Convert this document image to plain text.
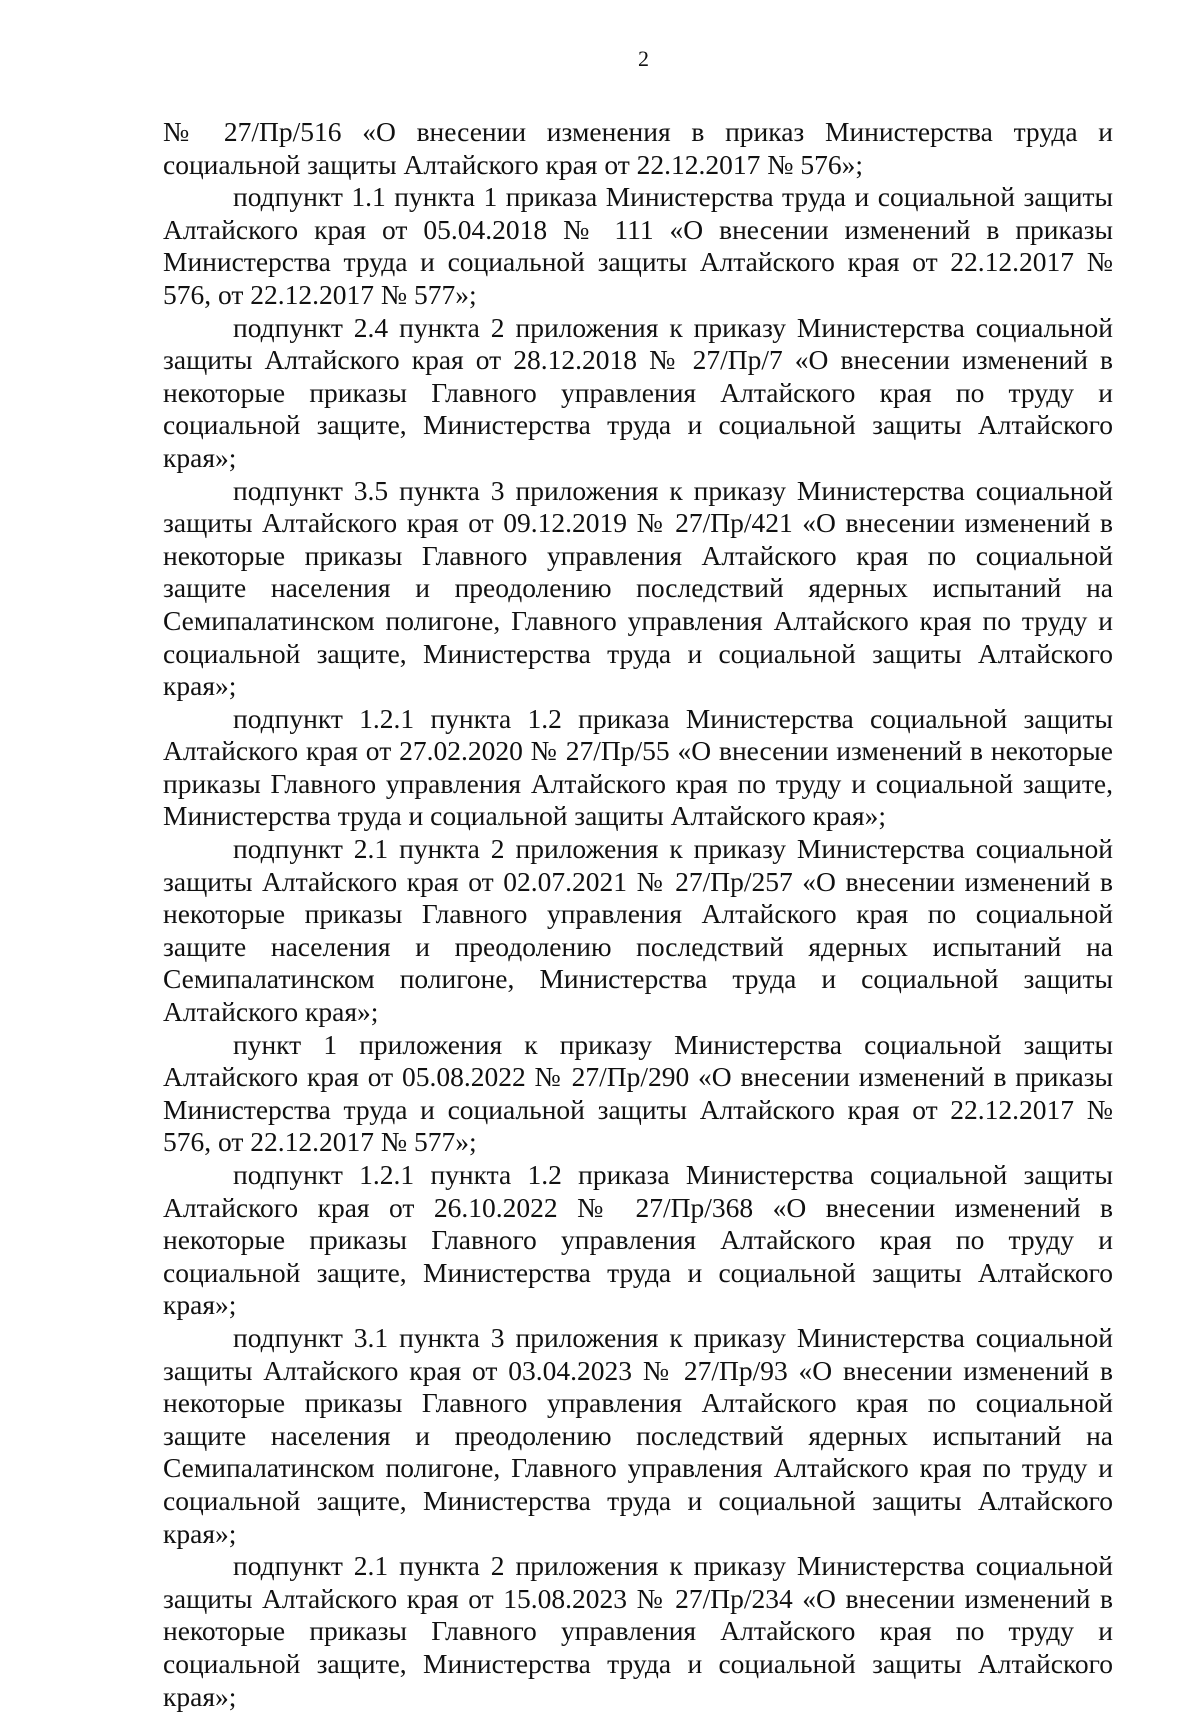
2

№ 27/Пр/516 «О внесении изменения в приказ Министерства труда и социальной защиты Алтайского края от 22.12.2017 № 576»;

подпункт 1.1 пункта 1 приказа Министерства труда и социальной защиты Алтайского края от 05.04.2018 № 111 «О внесении изменений в приказы Министерства труда и социальной защиты Алтайского края от 22.12.2017 № 576, от 22.12.2017 № 577»;

подпункт 2.4 пункта 2 приложения к приказу Министерства социальной защиты Алтайского края от 28.12.2018 № 27/Пр/7 «О внесении изменений в некоторые приказы Главного управления Алтайского края по труду и социальной защите, Министерства труда и социальной защиты Алтайского края»;

подпункт 3.5 пункта 3 приложения к приказу Министерства социальной защиты Алтайского края от 09.12.2019 № 27/Пр/421 «О внесении изменений в некоторые приказы Главного управления Алтайского края по социальной защите населения и преодолению последствий ядерных испытаний на Семипалатинском полигоне, Главного управления Алтайского края по труду и социальной защите, Министерства труда и социальной защиты Алтайского края»;

подпункт 1.2.1 пункта 1.2 приказа Министерства социальной защиты Алтайского края от 27.02.2020 № 27/Пр/55 «О внесении изменений в некоторые приказы Главного управления Алтайского края по труду и социальной защите, Министерства труда и социальной защиты Алтайского края»;

подпункт 2.1 пункта 2 приложения к приказу Министерства социальной защиты Алтайского края от 02.07.2021 № 27/Пр/257 «О внесении изменений в некоторые приказы Главного управления Алтайского края по социальной защите населения и преодолению последствий ядерных испытаний на Семипалатинском полигоне, Министерства труда и социальной защиты Алтайского края»;

пункт 1 приложения к приказу Министерства социальной защиты Алтайского края от 05.08.2022 № 27/Пр/290 «О внесении изменений в приказы Министерства труда и социальной защиты Алтайского края от 22.12.2017 № 576, от 22.12.2017 № 577»;

подпункт 1.2.1 пункта 1.2 приказа Министерства социальной защиты Алтайского края от 26.10.2022 № 27/Пр/368 «О внесении изменений в некоторые приказы Главного управления Алтайского края по труду и социальной защите, Министерства труда и социальной защиты Алтайского края»;

подпункт 3.1 пункта 3 приложения к приказу Министерства социальной защиты Алтайского края от 03.04.2023 № 27/Пр/93 «О внесении изменений в некоторые приказы Главного управления Алтайского края по социальной защите населения и преодолению последствий ядерных испытаний на Семипалатинском полигоне, Главного управления Алтайского края по труду и социальной защите, Министерства труда и социальной защиты Алтайского края»;

подпункт 2.1 пункта 2 приложения к приказу Министерства социальной защиты Алтайского края от 15.08.2023 № 27/Пр/234 «О внесении изменений в некоторые приказы Главного управления Алтайского края по труду и социальной защите, Министерства труда и социальной защиты Алтайского края»;
